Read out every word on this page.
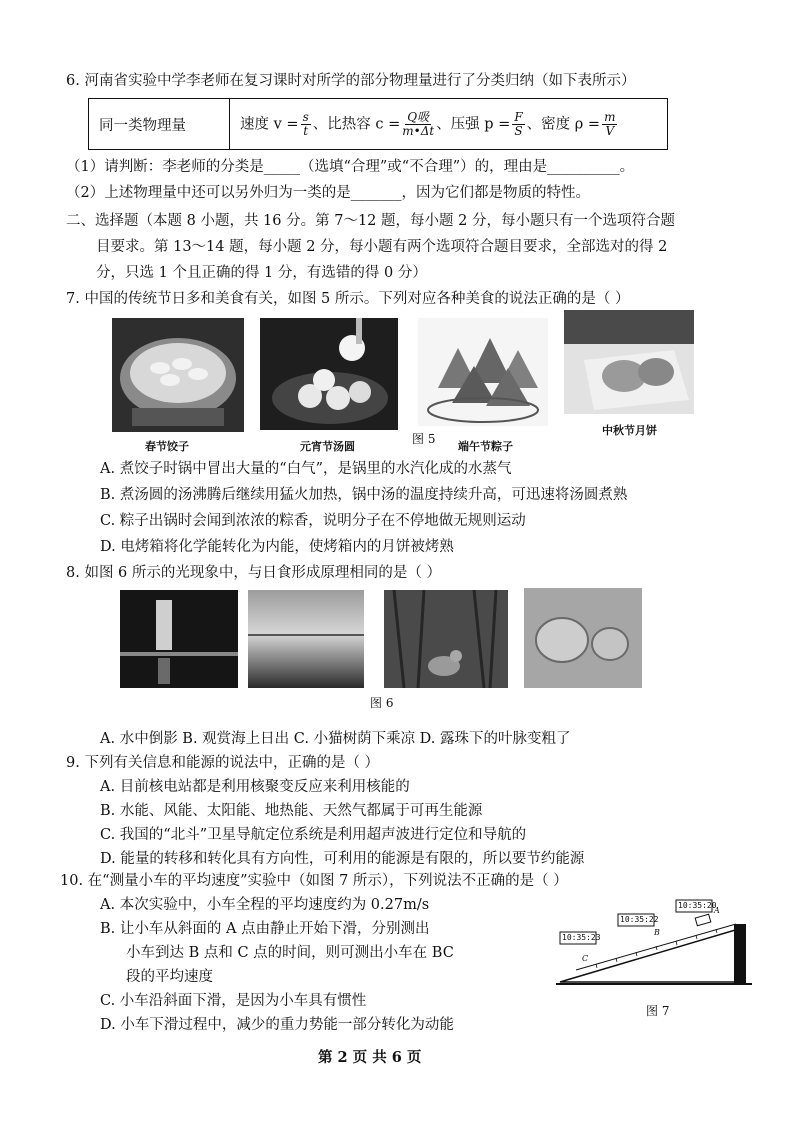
6. 河南省实验中学李老师在复习课时对所学的部分物理量进行了分类归纳（如下表所示）
同一类物理量	速度 $v = \frac{s}{t}$ 、比热容 $c = \frac{\text{Q吸}}{m•\Delta t}$ 、压强 $p = \frac{F}{S}$ 、密度 $\rho = \frac{m}{V}$
（1）请判断：李老师的分类是_____（选填“合理”或“不合理”）的，理由是__________。
（2）上述物理量中还可以另外归为一类的是_______，因为它们都是物质的特性。
二、选择题（本题 8 小题，共 16 分。第 7～12 题，每小题 2 分，每小题只有一个选项符合题
目要求。第 13～14 题，每小题 2 分，每小题有两个选项符合题目要求，全部选对的得 2
分，只选 1 个且正确的得 1 分，有选错的得 0 分）
7. 中国的传统节日多和美食有关，如图 5 所示。下列对应各种美食的说法正确的是（ ）
春节饺子	元宵节汤圆
图 5
端午节粽子
中秋节月饼
A. 煮饺子时锅中冒出大量的“白气”，是锅里的水汽化成的水蒸气
B. 煮汤圆的汤沸腾后继续用猛火加热，锅中汤的温度持续升高，可迅速将汤圆煮熟
C. 粽子出锅时会闻到浓浓的粽香，说明分子在不停地做无规则运动
D. 电烤箱将化学能转化为内能，使烤箱内的月饼被烤熟
8. 如图 6 所示的光现象中，与日食形成原理相同的是（ ）
图 6
A. 水中倒影 B. 观赏海上日出 C. 小猫树荫下乘凉 D. 露珠下的叶脉变粗了
9. 下列有关信息和能源的说法中，正确的是（ ）
A. 目前核电站都是利用核聚变反应来利用核能的
B. 水能、风能、太阳能、地热能、天然气都属于可再生能源
C. 我国的“北斗”卫星导航定位系统是利用超声波进行定位和导航的
D. 能量的转移和转化具有方向性，可利用的能源是有限的，所以要节约能源
10. 在“测量小车的平均速度”实验中（如图 7 所示），下列说法不正确的是（ ）
A. 本次实验中，小车全程的平均速度约为 0.27m/s
B. 让小车从斜面的 A 点由静止开始下滑，分别测出
小车到达 B 点和 C 点的时间，则可测出小车在 BC
段的平均速度
C. 小车沿斜面下滑，是因为小车具有惯性
D. 小车下滑过程中，减少的重力势能一部分转化为动能
10:35:23
10:35:22
10:35:20
A
B
C
图 7
第 2 页 共 6 页
